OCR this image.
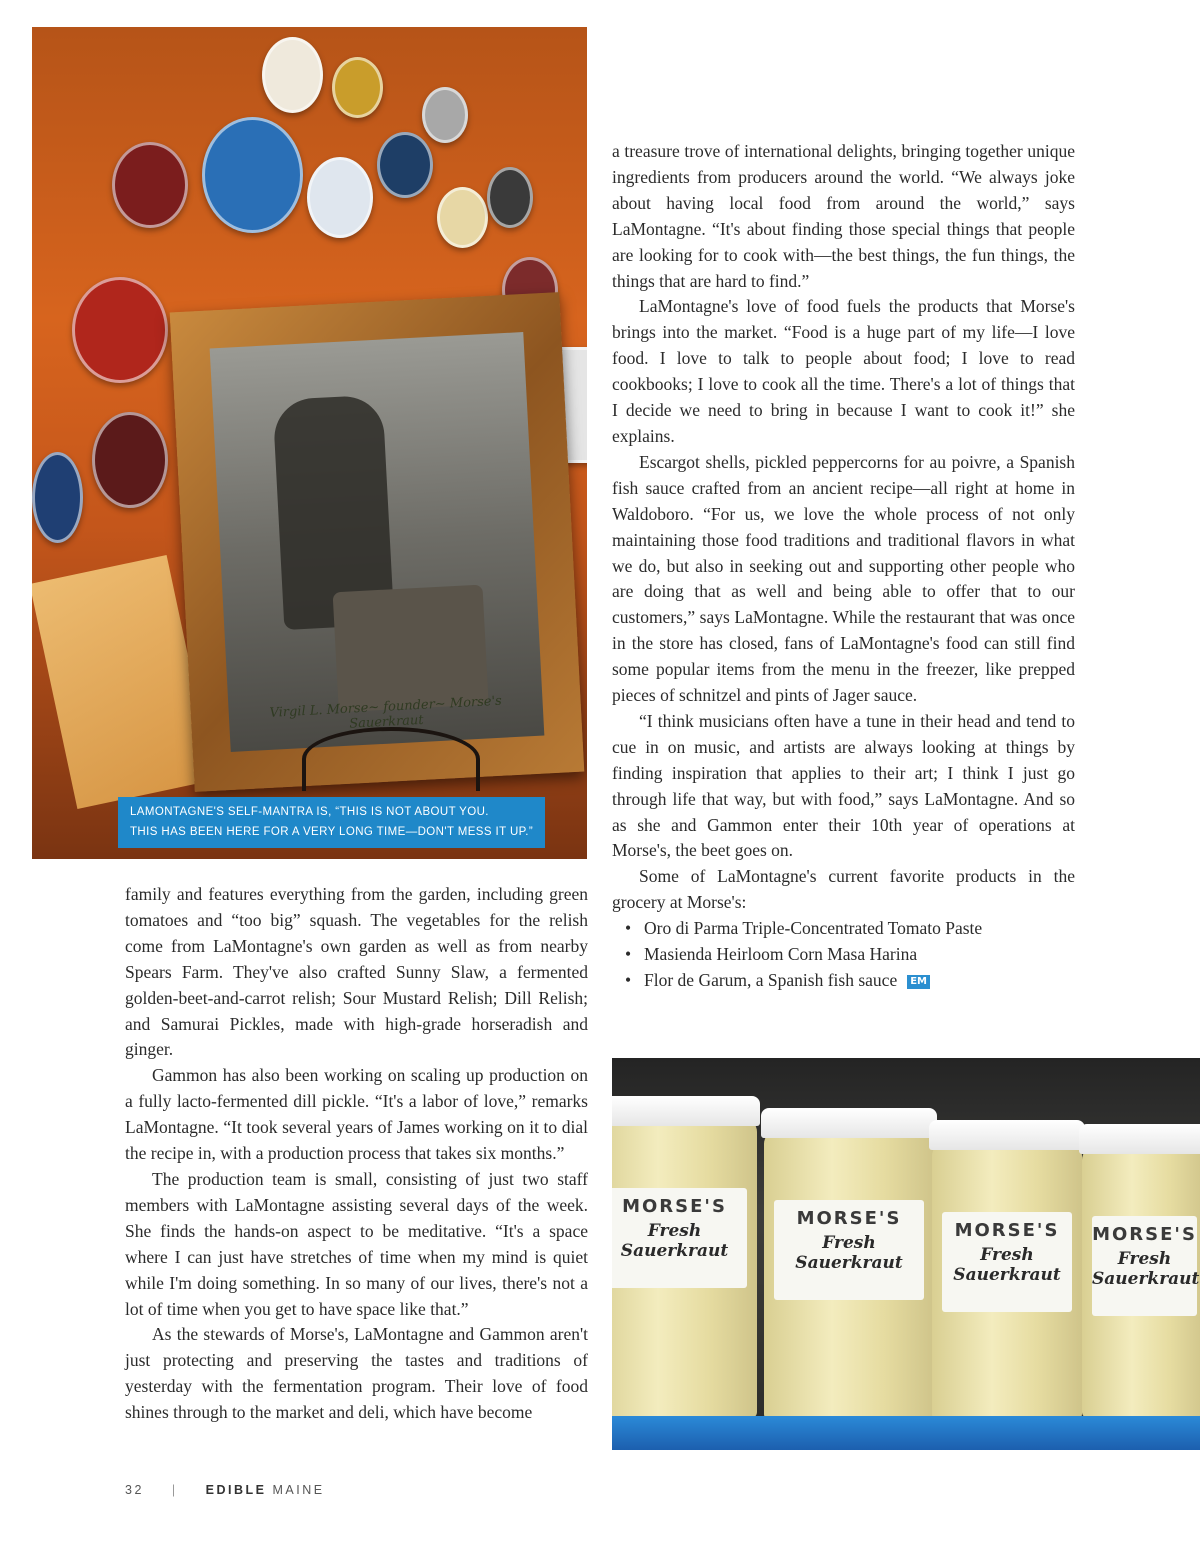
Virgil L. Morse~ founder~ Morse's Sauerkraut
LAMONTAGNE'S SELF-MANTRA IS, “THIS IS NOT ABOUT YOU.
THIS HAS BEEN HERE FOR A VERY LONG TIME—DON'T MESS IT UP.”

family and features everything from the garden, including green tomatoes and “too big” squash. The vegetables for the relish come from LaMontagne's own garden as well as from nearby Spears Farm. They've also crafted Sunny Slaw, a fermented golden-beet-and-carrot relish; Sour Mustard Relish; Dill Relish; and Samurai Pickles, made with high-grade horseradish and ginger.

Gammon has also been working on scaling up production on a fully lacto-fermented dill pickle. “It's a labor of love,” remarks LaMontagne. “It took several years of James working on it to dial the recipe in, with a production process that takes six months.”

The production team is small, consisting of just two staff members with LaMontagne assisting several days of the week. She finds the hands-on aspect to be meditative. “It's a space where I can just have stretches of time when my mind is quiet while I'm doing something. In so many of our lives, there's not a lot of time when you get to have space like that.”

As the stewards of Morse's, LaMontagne and Gammon aren't just protecting and preserving the tastes and traditions of yesterday with the fermentation program. Their love of food shines through to the market and deli, which have become

a treasure trove of international delights, bringing together unique ingredients from producers around the world. “We always joke about having local food from around the world,” says LaMontagne. “It's about finding those special things that people are looking for to cook with—the best things, the fun things, the things that are hard to find.”

LaMontagne's love of food fuels the products that Morse's brings into the market. “Food is a huge part of my life—I love food. I love to talk to people about food; I love to read cookbooks; I love to cook all the time. There's a lot of things that I decide we need to bring in because I want to cook it!” she explains.

Escargot shells, pickled peppercorns for au poivre, a Spanish fish sauce crafted from an ancient recipe—all right at home in Waldoboro. “For us, we love the whole process of not only maintaining those food traditions and traditional flavors in what we do, but also in seeking out and supporting other people who are doing that as well and being able to offer that to our customers,” says LaMontagne. While the restaurant that was once in the store has closed, fans of LaMontagne's food can still find some popular items from the menu in the freezer, like prepped pieces of schnitzel and pints of Jager sauce.

“I think musicians often have a tune in their head and tend to cue in on music, and artists are always looking at things by finding inspiration that applies to their art; I think I just go through life that way, but with food,” says LaMontagne. And so as she and Gammon enter their 10th year of operations at Morse's, the beet goes on.

Some of LaMontagne's current favorite products in the grocery at Morse's:

• Oro di Parma Triple-Concentrated Tomato Paste
• Masienda Heirloom Corn Masa Harina
• Flor de Garum, a Spanish fish sauce EM
MORSE'S
Fresh Sauerkraut
MORSE'S
Fresh Sauerkraut
MORSE'S
Fresh Sauerkraut
MORSE'S
Fresh Sauerkraut
32 | EDIBLE MAINE
